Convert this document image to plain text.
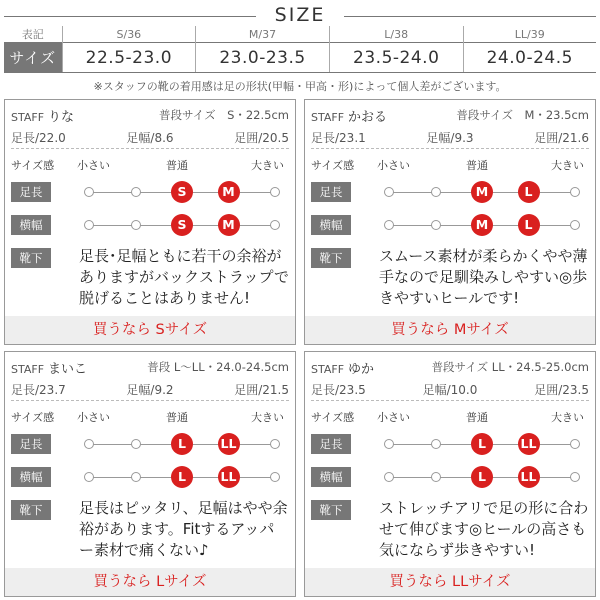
SIZE
表記	S/36	M/37	L/38	LL/39
サイズ	22.5-23.0	23.0-23.5	23.5-24.0	24.0-24.5
※スタッフの靴の着用感は足の形状(甲幅・甲高・形)によって個人差がございます。
STAFF りな	普段サイズ　S・22.5cm
足長/22.0	足幅/8.6	足囲/20.5
サイズ感 小さい	普通	大きい
足長
横幅
靴下
S	M
S	M
足長･足幅ともに若干の余裕がありますがバックストラップで脱げることはありません!
買うなら Sサイズ
STAFF かおる	普段サイズ　M・23.5cm
足長/23.1	足幅/9.3	足囲/21.6
サイズ感 小さい	普通	大きい
足長
横幅
靴下
M	L
M	L
スムース素材が柔らかくやや薄手なので足馴染みしやすい◎歩きやすいヒールです!
買うなら Mサイズ
STAFF まいこ	普段 L〜LL・24.0-24.5cm
足長/23.7	足幅/9.2	足囲/21.5
サイズ感 小さい	普通	大きい
足長
横幅
靴下
L	LL
L	LL
足長はピッタリ、足幅はやや余裕があります。Fitするアッパー素材で痛くない♪
買うなら Lサイズ
STAFF ゆか	普段サイズ LL・24.5-25.0cm
足長/23.5	足幅/10.0	足囲/23.5
サイズ感 小さい	普通	大きい
足長
横幅
靴下
L	LL
L	LL
ストレッチアリで足の形に合わせて伸びます◎ヒールの高さも気にならず歩きやすい!
買うなら LLサイズ
